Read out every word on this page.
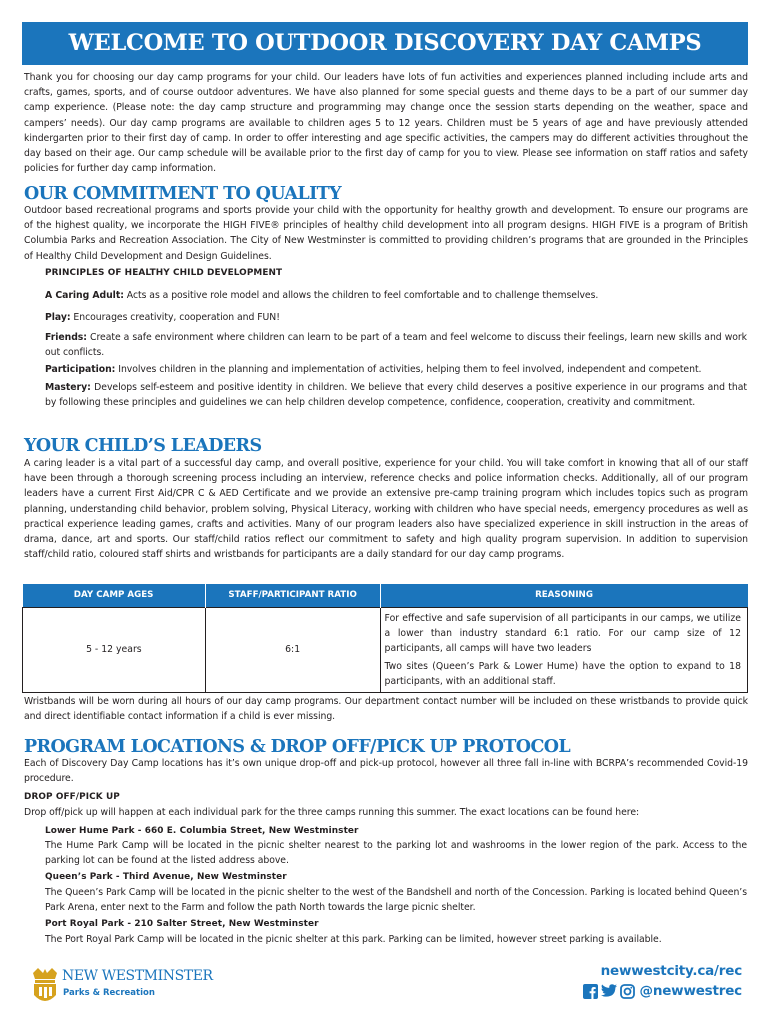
WELCOME TO OUTDOOR DISCOVERY DAY CAMPS

Thank you for choosing our day camp programs for your child. Our leaders have lots of fun activities and experiences planned including include arts and crafts, games, sports, and of course outdoor adventures. We have also planned for some special guests and theme days to be a part of our summer day camp experience. (Please note: the day camp structure and programming may change once the session starts depending on the weather, space and campers’ needs). Our day camp programs are available to children ages 5 to 12 years. Children must be 5 years of age and have previously attended kindergarten prior to their first day of camp. In order to offer interesting and age specific activities, the campers may do different activities throughout the day based on their age. Our camp schedule will be available prior to the first day of camp for you to view. Please see information on staff ratios and safety policies for further day camp information.

OUR COMMITMENT TO QUALITY

Outdoor based recreational programs and sports provide your child with the opportunity for healthy growth and development. To ensure our programs are of the highest quality, we incorporate the HIGH FIVE® principles of healthy child development into all program designs. HIGH FIVE is a program of British Columbia Parks and Recreation Association. The City of New Westminster is committed to providing children’s programs that are grounded in the Principles of Healthy Child Development and Design Guidelines.

PRINCIPLES OF HEALTHY CHILD DEVELOPMENT

A Caring Adult: Acts as a positive role model and allows the children to feel comfortable and to challenge themselves.

Play: Encourages creativity, cooperation and FUN!

Friends: Create a safe environment where children can learn to be part of a team and feel welcome to discuss their feelings, learn new skills and work out conflicts.

Participation: Involves children in the planning and implementation of activities, helping them to feel involved, independent and competent.

Mastery: Develops self-esteem and positive identity in children. We believe that every child deserves a positive experience in our programs and that by following these principles and guidelines we can help children develop competence, confidence, cooperation, creativity and commitment.

YOUR CHILD’S LEADERS

A caring leader is a vital part of a successful day camp, and overall positive, experience for your child. You will take comfort in knowing that all of our staff have been through a thorough screening process including an interview, reference checks and police information checks. Additionally, all of our program leaders have a current First Aid/CPR C & AED Certificate and we provide an extensive pre-camp training program which includes topics such as program planning, understanding child behavior, problem solving, Physical Literacy, working with children who have special needs, emergency procedures as well as practical experience leading games, crafts and activities. Many of our program leaders also have specialized experience in skill instruction in the areas of drama, dance, art and sports. Our staff/child ratios reflect our commitment to safety and high quality program supervision. In addition to supervision staff/child ratio, coloured staff shirts and wristbands for participants are a daily standard for our day camp programs.

DAY CAMP AGES	STAFF/PARTICIPANT RATIO	REASONING
5 - 12 years	6:1	For effective and safe supervision of all participants in our camps, we utilize a lower than industry standard 6:1 ratio. For our camp size of 12 participants, all camps will have two leaders

Two sites (Queen’s Park & Lower Hume) have the option to expand to 18 participants, with an additional staff.

Wristbands will be worn during all hours of our day camp programs. Our department contact number will be included on these wristbands to provide quick and direct identifiable contact information if a child is ever missing.

PROGRAM LOCATIONS & DROP OFF/PICK UP PROTOCOL

Each of Discovery Day Camp locations has it’s own unique drop-off and pick-up protocol, however all three fall in-line with BCRPA’s recommended Covid-19 procedure.

DROP OFF/PICK UP

Drop off/pick up will happen at each individual park for the three camps running this summer. The exact locations can be found here:

Lower Hume Park - 660 E. Columbia Street, New Westminster

The Hume Park Camp will be located in the picnic shelter nearest to the parking lot and washrooms in the lower region of the park. Access to the parking lot can be found at the listed address above.

Queen’s Park - Third Avenue, New Westminster

The Queen’s Park Camp will be located in the picnic shelter to the west of the Bandshell and north of the Concession. Parking is located behind Queen’s Park Arena, enter next to the Farm and follow the path North towards the large picnic shelter.

Port Royal Park - 210 Salter Street, New Westminster

The Port Royal Park Camp will be located in the picnic shelter at this park. Parking can be limited, however street parking is available.

NEW WESTMINSTER
Parks & Recreation
newwestcity.ca/rec
@newwestrec
